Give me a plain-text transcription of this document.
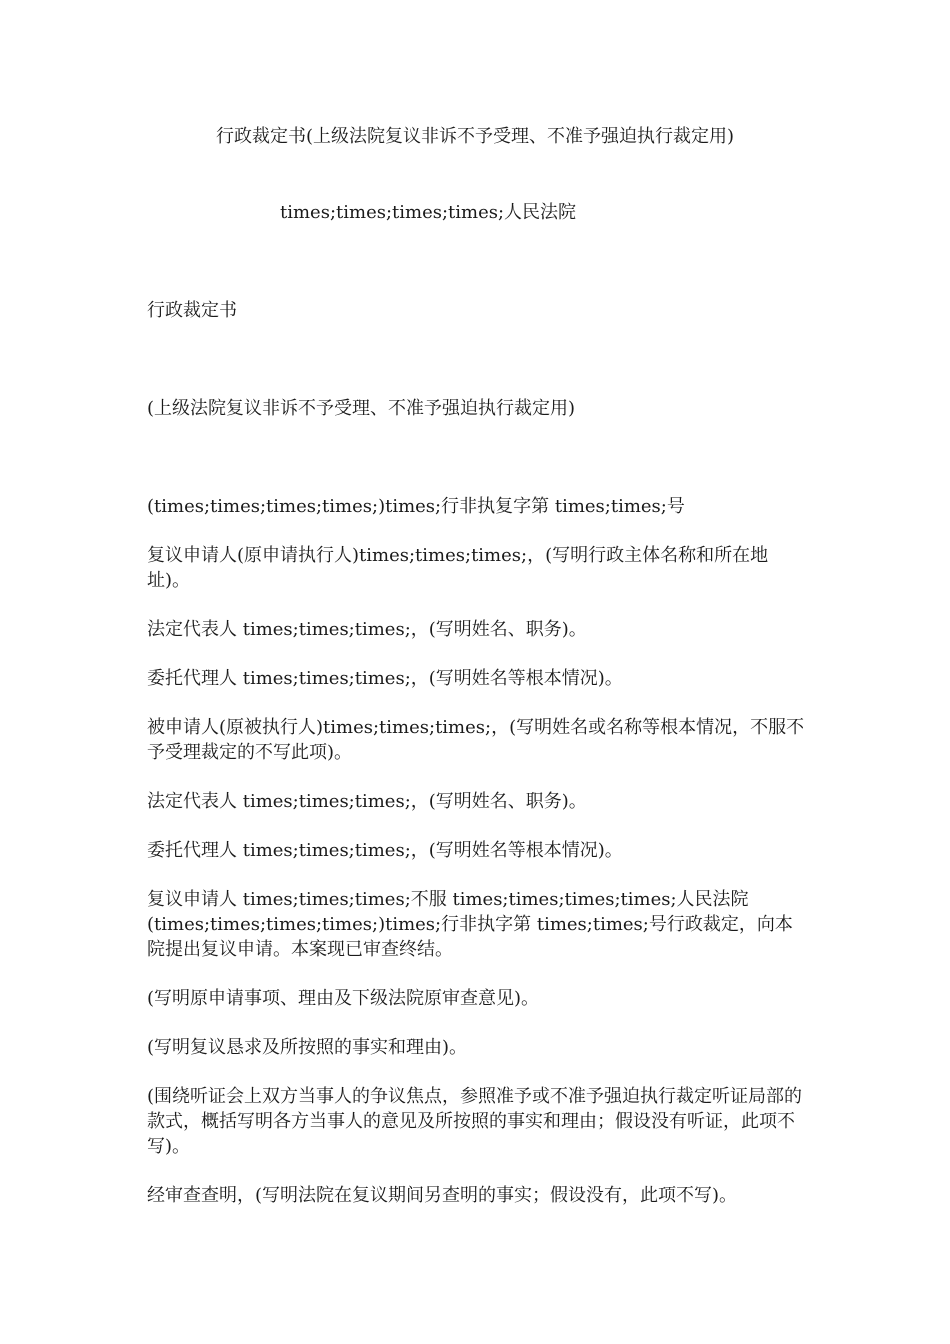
行政裁定书(上级法院复议非诉不予受理、不准予强迫执行裁定用)
times;times;times;times;人民法院

行政裁定书

(上级法院复议非诉不予受理、不准予强迫执行裁定用)

(times;times;times;times;)times;行非执复字第 times;times;号

复议申请人(原申请执行人)times;times;times;，(写明行政主体名称和所在地址)。

法定代表人 times;times;times;，(写明姓名、职务)。

委托代理人 times;times;times;，(写明姓名等根本情况)。

被申请人(原被执行人)times;times;times;，(写明姓名或名称等根本情况，不服不予受理裁定的不写此项)。

法定代表人 times;times;times;，(写明姓名、职务)。

委托代理人 times;times;times;，(写明姓名等根本情况)。

复议申请人 times;times;times;不服 times;times;times;times;人民法院(times;times;times;times;)times;行非执字第 times;times;号行政裁定，向本院提出复议申请。本案现已审查终结。

(写明原申请事项、理由及下级法院原审查意见)。

(写明复议恳求及所按照的事实和理由)。

(围绕听证会上双方当事人的争议焦点，参照准予或不准予强迫执行裁定听证局部的款式，概括写明各方当事人的意见及所按照的事实和理由；假设没有听证，此项不写)。

经审查查明，(写明法院在复议期间另查明的事实；假设没有，此项不写)。
